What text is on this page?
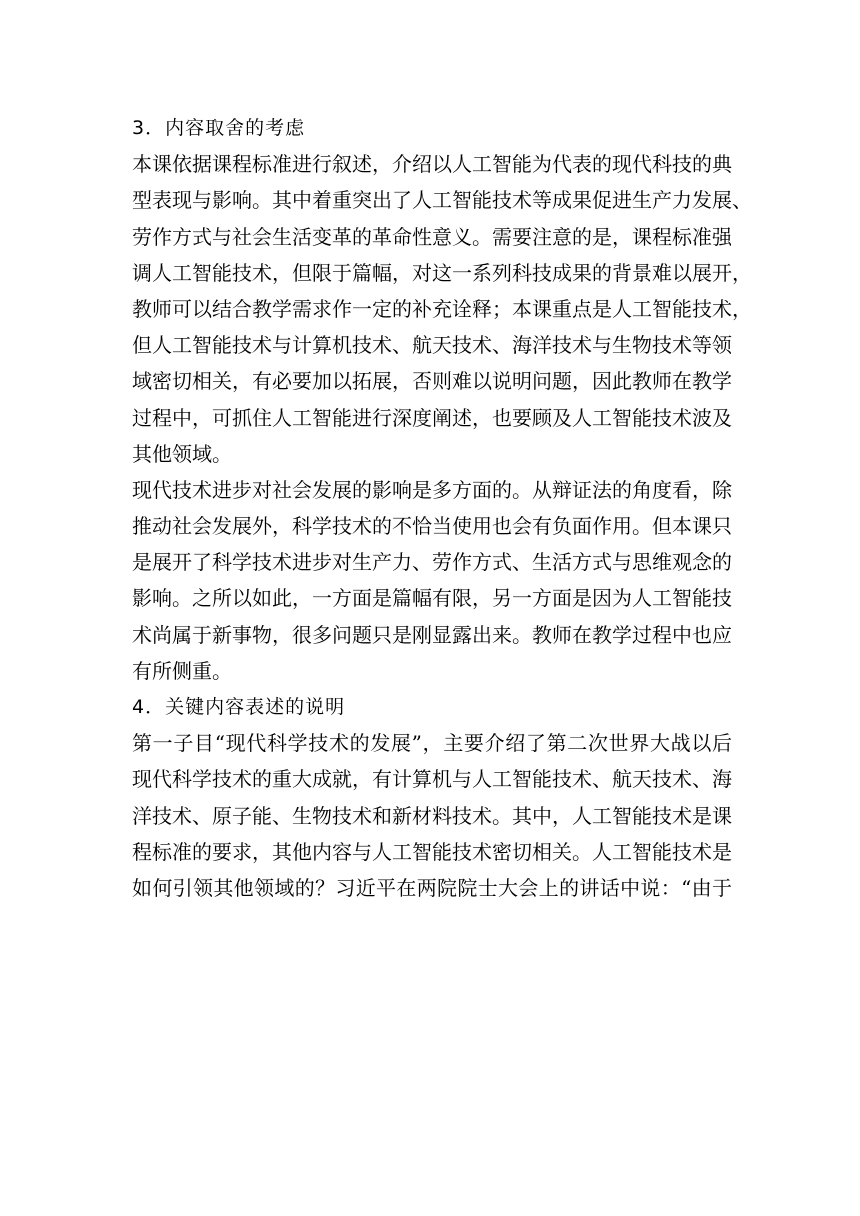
3．内容取舍的考虑
本课依据课程标准进行叙述，介绍以人工智能为代表的现代科技的典
型表现与影响。其中着重突出了人工智能技术等成果促进生产力发展、
劳作方式与社会生活变革的革命性意义。需要注意的是，课程标准强
调人工智能技术，但限于篇幅，对这一系列科技成果的背景难以展开，
教师可以结合教学需求作一定的补充诠释；本课重点是人工智能技术，
但人工智能技术与计算机技术、航天技术、海洋技术与生物技术等领
域密切相关，有必要加以拓展，否则难以说明问题，因此教师在教学
过程中，可抓住人工智能进行深度阐述，也要顾及人工智能技术波及
其他领域。
现代技术进步对社会发展的影响是多方面的。从辩证法的角度看，除
推动社会发展外，科学技术的不恰当使用也会有负面作用。但本课只
是展开了科学技术进步对生产力、劳作方式、生活方式与思维观念的
影响。之所以如此，一方面是篇幅有限，另一方面是因为人工智能技
术尚属于新事物，很多问题只是刚显露出来。教师在教学过程中也应
有所侧重。
4．关键内容表述的说明
第一子目“现代科学技术的发展”，主要介绍了第二次世界大战以后
现代科学技术的重大成就，有计算机与人工智能技术、航天技术、海
洋技术、原子能、生物技术和新材料技术。其中，人工智能技术是课
程标准的要求，其他内容与人工智能技术密切相关。人工智能技术是
如何引领其他领域的？习近平在两院院士大会上的讲话中说：“由于
